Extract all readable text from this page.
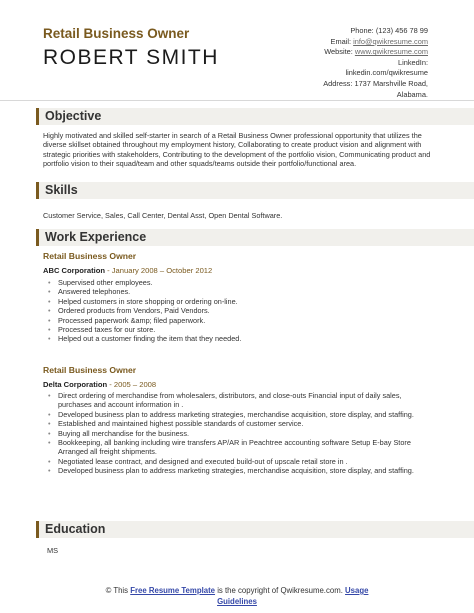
Retail Business Owner
ROBERT SMITH
Phone: (123) 456 78 99
Email: info@qwikresume.com
Website: www.qwikresume.com
LinkedIn:
linkedin.com/qwikresume
Address: 1737 Marshville Road,
Alabama.
Objective
Highly motivated and skilled self-starter in search of a Retail Business Owner professional opportunity that utilizes the diverse skillset obtained throughout my employment history, Collaborating to create product vision and alignment with strategic priorities with stakeholders, Contributing to the development of the portfolio vision, Communicating product and portfolio vision to their squad/team and other squads/teams outside their portfolio/functional area.
Skills
Customer Service, Sales, Call Center, Dental Asst, Open Dental Software.
Work Experience
Retail Business Owner
ABC Corporation - January 2008 – October 2012
• Supervised other employees.
• Answered telephones.
• Helped customers in store shopping or ordering on-line.
• Ordered products from Vendors, Paid Vendors.
• Processed paperwork &amp; filed paperwork.
• Processed taxes for our store.
• Helped out a customer finding the item that they needed.
Retail Business Owner
Delta Corporation - 2005 – 2008
• Direct ordering of merchandise from wholesalers, distributors, and close-outs Financial input of daily sales, purchases and account information in .
• Developed business plan to address marketing strategies, merchandise acquisition, store display, and staffing.
• Established and maintained highest possible standards of customer service.
• Buying all merchandise for the business.
• Bookkeeping, all banking including wire transfers AP/AR in Peachtree accounting software Setup E-bay Store Arranged all freight shipments.
• Negotiated lease contract, and designed and executed build-out of upscale retail store in .
• Developed business plan to address marketing strategies, merchandise acquisition, store display, and staffing.
Education
MS
© This Free Resume Template is the copyright of Qwikresume.com. Usage
Guidelines
